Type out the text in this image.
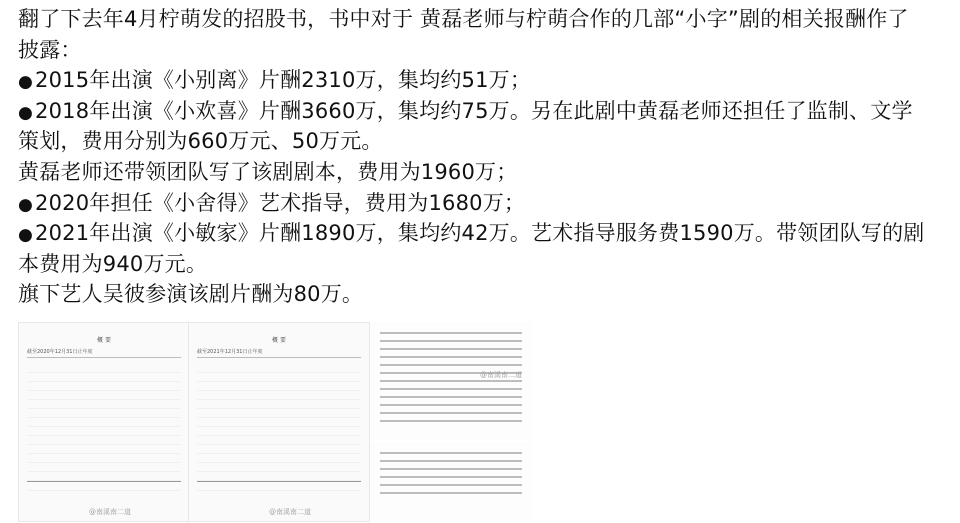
翻了下去年4月柠萌发的招股书，书中对于 黄磊老师与柠萌合作的几部“小字”剧的相关报酬作了
披露：
●2015年出演《小别离》片酬2310万，集均约51万；
●2018年出演《小欢喜》片酬3660万，集均约75万。另在此剧中黄磊老师还担任了监制、文学
策划，费用分别为660万元、50万元。
黄磊老师还带领团队写了该剧剧本，费用为1960万；
●2020年担任《小舍得》艺术指导，费用为1680万；
●2021年出演《小敏家》片酬1890万，集均约42万。艺术指导服务费1590万。带领团队写的剧
本费用为940万元。
旗下艺人吴彼参演该剧片酬为80万。
概 要
截至2020年12月31日止年度
@南溪南二道
概 要
截至2021年12月31日止年度
@南溪南二道
@南溪南二道
